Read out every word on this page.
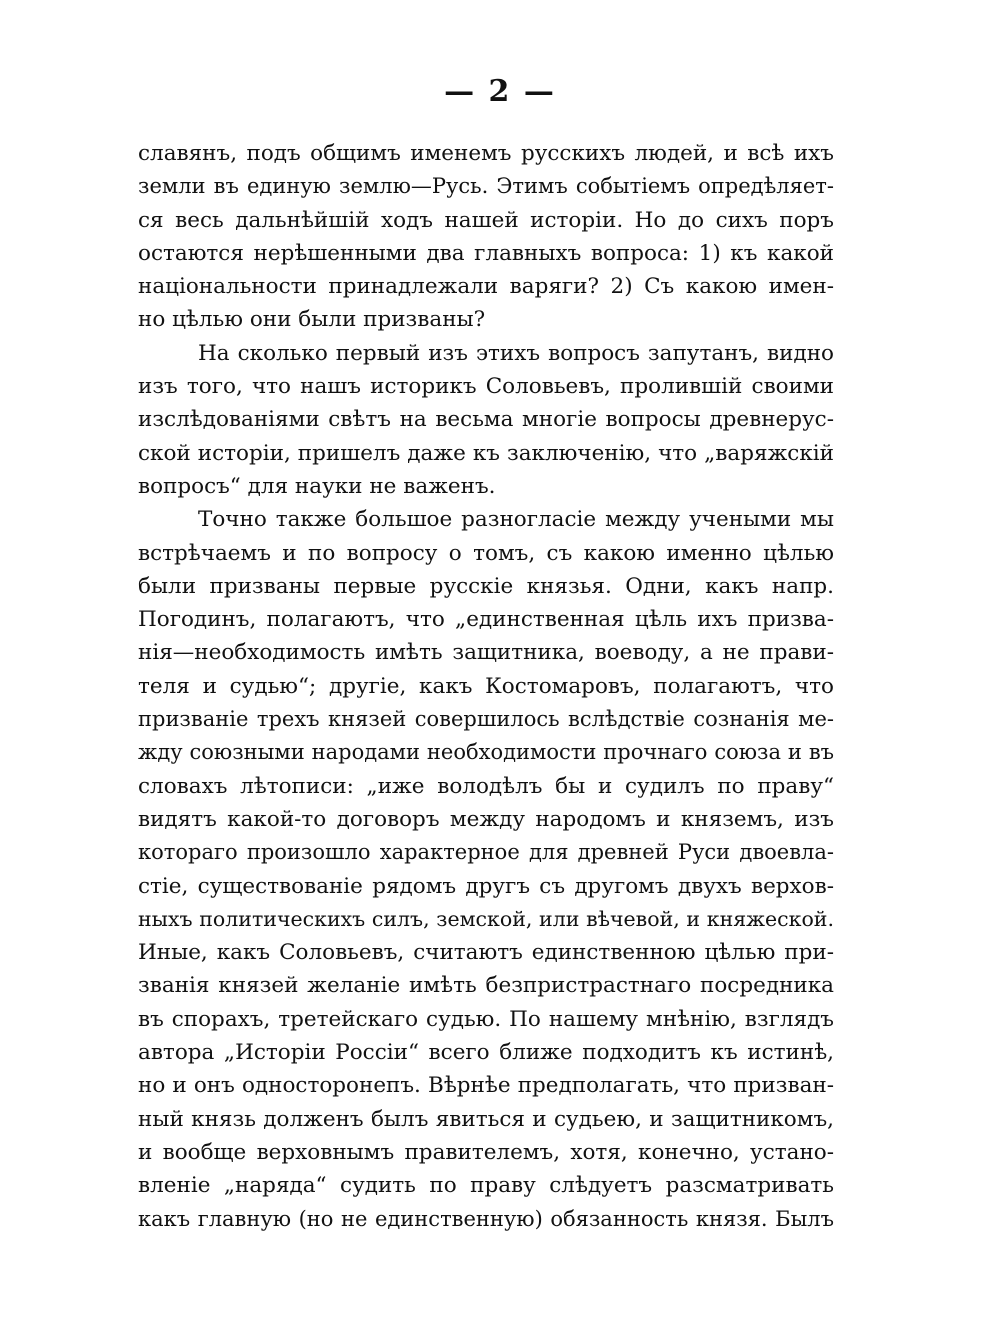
— 2 —
славянъ, подъ общимъ именемъ русскихъ людей, и всѣ ихъ
земли въ единую землю—Русь. Этимъ событіемъ опредѣляет-
ся весь дальнѣйшій ходъ нашей исторіи. Но до сихъ поръ
остаются нерѣшенными два главныхъ вопроса: 1) къ какой
національности принадлежали варяги? 2) Съ какою имен-
но цѣлью они были призваны?
На сколько первый изъ этихъ вопросъ запутанъ, видно
изъ того, что нашъ историкъ Соловьевъ, пролившій своими
изслѣдованіями свѣтъ на весьма многіе вопросы древнерус-
ской исторіи, пришелъ даже къ заключенію, что „варяжскій
вопросъ“ для науки не важенъ.
Точно также большое разногласіе между учеными мы
встрѣчаемъ и по вопросу о томъ, съ какою именно цѣлью
были призваны первые русскіе князья. Одни, какъ напр.
Погодинъ, полагаютъ, что „единственная цѣль ихъ призва-
нія—необходимость имѣть защитника, воеводу, а не прави-
теля и судью“; другіе, какъ Костомаровъ, полагаютъ, что
призваніе трехъ князей совершилось вслѣдствіе сознанія ме-
жду союзными народами необходимости прочнаго союза и въ
словахъ лѣтописи: „иже володѣлъ бы и судилъ по праву“
видятъ какой-то договоръ между народомъ и княземъ, изъ
котораго произошло характерное для древней Руси двоевла-
стіе, существованіе рядомъ другъ съ другомъ двухъ верхов-
ныхъ политическихъ силъ, земской, или вѣчевой, и княжеской.
Иные, какъ Соловьевъ, считаютъ единственною цѣлью при-
званія князей желаніе имѣть безпристрастнаго посредника
въ спорахъ, третейскаго судью. По нашему мнѣнію, взглядъ
автора „Исторіи Россіи“ всего ближе подходитъ къ истинѣ,
но и онъ односторонепъ. Вѣрнѣе предполагать, что призван-
ный князь долженъ былъ явиться и судьею, и защитникомъ,
и вообще верховнымъ правителемъ, хотя, конечно, устано-
вленіе „наряда“ судить по праву слѣдуетъ разсматривать
какъ главную (но не единственную) обязанность князя. Былъ
